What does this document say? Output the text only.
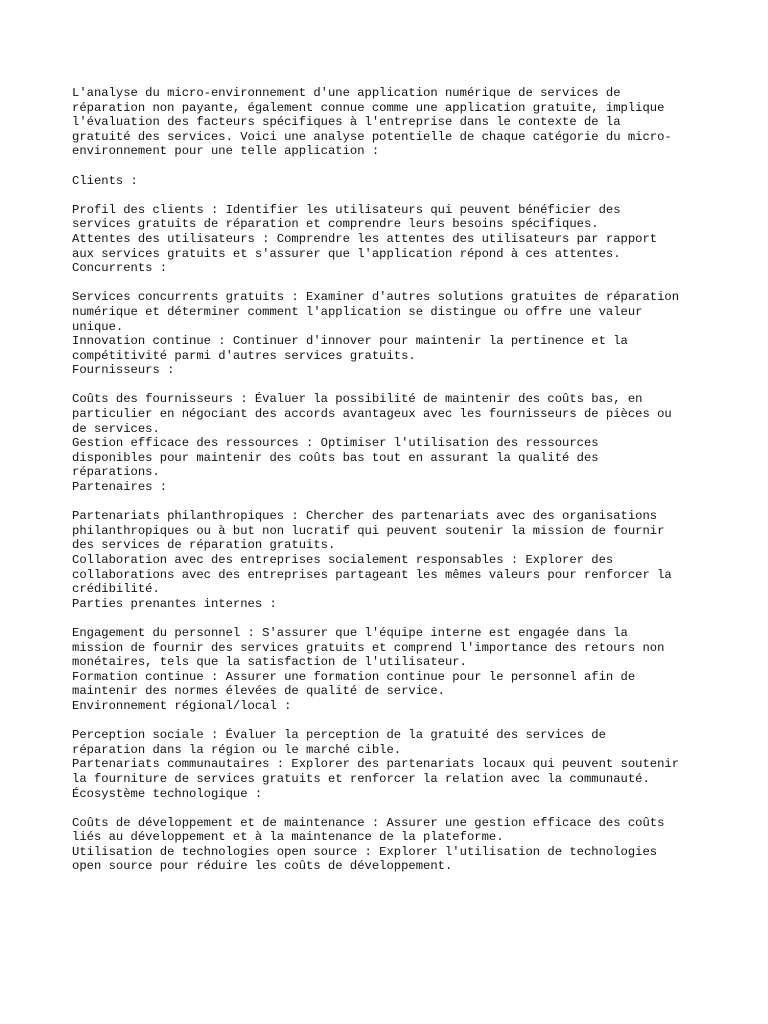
L'analyse du micro-environnement d'une application numérique de services de
réparation non payante, également connue comme une application gratuite, implique
l'évaluation des facteurs spécifiques à l'entreprise dans le contexte de la
gratuité des services. Voici une analyse potentielle de chaque catégorie du micro-
environnement pour une telle application :
Clients :
Profil des clients : Identifier les utilisateurs qui peuvent bénéficier des
services gratuits de réparation et comprendre leurs besoins spécifiques.
Attentes des utilisateurs : Comprendre les attentes des utilisateurs par rapport
aux services gratuits et s'assurer que l'application répond à ces attentes.
Concurrents :
Services concurrents gratuits : Examiner d'autres solutions gratuites de réparation
numérique et déterminer comment l'application se distingue ou offre une valeur
unique.
Innovation continue : Continuer d'innover pour maintenir la pertinence et la
compétitivité parmi d'autres services gratuits.
Fournisseurs :
Coûts des fournisseurs : Évaluer la possibilité de maintenir des coûts bas, en
particulier en négociant des accords avantageux avec les fournisseurs de pièces ou
de services.
Gestion efficace des ressources : Optimiser l'utilisation des ressources
disponibles pour maintenir des coûts bas tout en assurant la qualité des
réparations.
Partenaires :
Partenariats philanthropiques : Chercher des partenariats avec des organisations
philanthropiques ou à but non lucratif qui peuvent soutenir la mission de fournir
des services de réparation gratuits.
Collaboration avec des entreprises socialement responsables : Explorer des
collaborations avec des entreprises partageant les mêmes valeurs pour renforcer la
crédibilité.
Parties prenantes internes :
Engagement du personnel : S'assurer que l'équipe interne est engagée dans la
mission de fournir des services gratuits et comprend l'importance des retours non
monétaires, tels que la satisfaction de l'utilisateur.
Formation continue : Assurer une formation continue pour le personnel afin de
maintenir des normes élevées de qualité de service.
Environnement régional/local :
Perception sociale : Évaluer la perception de la gratuité des services de
réparation dans la région ou le marché cible.
Partenariats communautaires : Explorer des partenariats locaux qui peuvent soutenir
la fourniture de services gratuits et renforcer la relation avec la communauté.
Écosystème technologique :
Coûts de développement et de maintenance : Assurer une gestion efficace des coûts
liés au développement et à la maintenance de la plateforme.
Utilisation de technologies open source : Explorer l'utilisation de technologies
open source pour réduire les coûts de développement.
